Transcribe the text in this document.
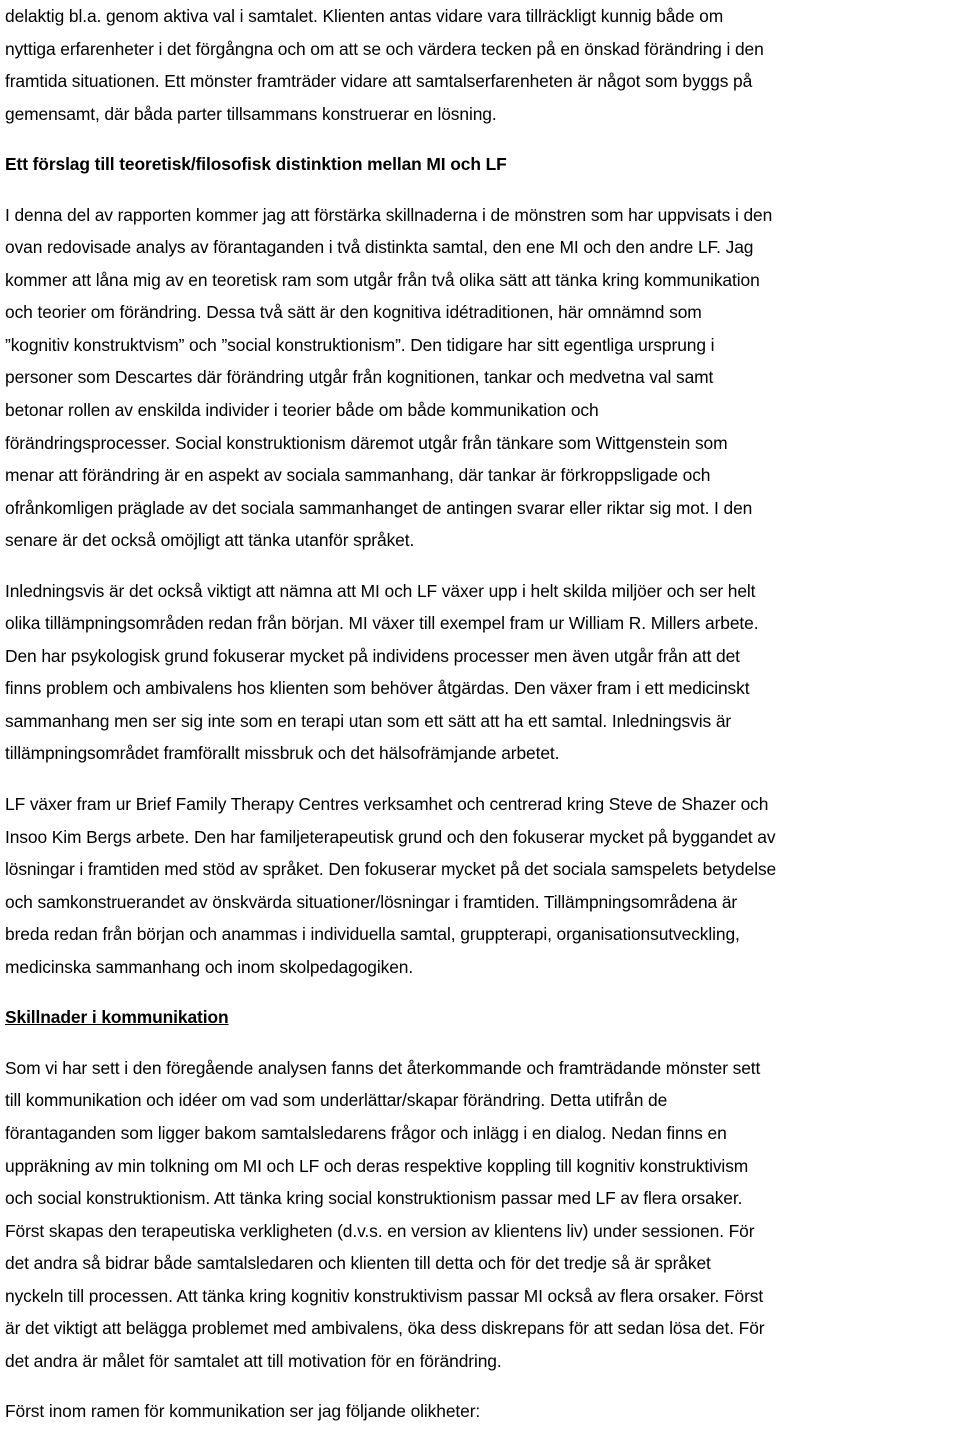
delaktig bl.a. genom aktiva val i samtalet. Klienten antas vidare vara tillräckligt kunnig både om
nyttiga erfarenheter i det förgångna och om att se och värdera tecken på en önskad förändring i den
framtida situationen. Ett mönster framträder vidare att samtalserfarenheten är något som byggs på
gemensamt, där båda parter tillsammans konstruerar en lösning.

Ett förslag till teoretisk/filosofisk distinktion mellan MI och LF

I denna del av rapporten kommer jag att förstärka skillnaderna i de mönstren som har uppvisats i den
ovan redovisade analys av förantaganden i två distinkta samtal, den ene MI och den andre LF. Jag
kommer att låna mig av en teoretisk ram som utgår från två olika sätt att tänka kring kommunikation
och teorier om förändring. Dessa två sätt är den kognitiva idétraditionen, här omnämnd som
”kognitiv konstruktvism” och ”social konstruktionism”. Den tidigare har sitt egentliga ursprung i
personer som Descartes där förändring utgår från kognitionen, tankar och medvetna val samt
betonar rollen av enskilda individer i teorier både om både kommunikation och
förändringsprocesser. Social konstruktionism däremot utgår från tänkare som Wittgenstein som
menar att förändring är en aspekt av sociala sammanhang, där tankar är förkroppsligade och
ofrånkomligen präglade av det sociala sammanhanget de antingen svarar eller riktar sig mot. I den
senare är det också omöjligt att tänka utanför språket.

Inledningsvis är det också viktigt att nämna att MI och LF växer upp i helt skilda miljöer och ser helt
olika tillämpningsområden redan från början. MI växer till exempel fram ur William R. Millers arbete.
Den har psykologisk grund fokuserar mycket på individens processer men även utgår från att det
finns problem och ambivalens hos klienten som behöver åtgärdas. Den växer fram i ett medicinskt
sammanhang men ser sig inte som en terapi utan som ett sätt att ha ett samtal. Inledningsvis är
tillämpningsområdet framförallt missbruk och det hälsofrämjande arbetet.

LF växer fram ur Brief Family Therapy Centres verksamhet och centrerad kring Steve de Shazer och
Insoo Kim Bergs arbete. Den har familjeterapeutisk grund och den fokuserar mycket på byggandet av
lösningar i framtiden med stöd av språket. Den fokuserar mycket på det sociala samspelets betydelse
och samkonstruerandet av önskvärda situationer/lösningar i framtiden. Tillämpningsområdena är
breda redan från början och anammas i individuella samtal, gruppterapi, organisationsutveckling,
medicinska sammanhang och inom skolpedagogiken.

Skillnader i kommunikation

Som vi har sett i den föregående analysen fanns det återkommande och framträdande mönster sett
till kommunikation och idéer om vad som underlättar/skapar förändring. Detta utifrån de
förantaganden som ligger bakom samtalsledarens frågor och inlägg i en dialog. Nedan finns en
uppräkning av min tolkning om MI och LF och deras respektive koppling till kognitiv konstruktivism
och social konstruktionism. Att tänka kring social konstruktionism passar med LF av flera orsaker.
Först skapas den terapeutiska verkligheten (d.v.s. en version av klientens liv) under sessionen. För
det andra så bidrar både samtalsledaren och klienten till detta och för det tredje så är språket
nyckeln till processen. Att tänka kring kognitiv konstruktivism passar MI också av flera orsaker. Först
är det viktigt att belägga problemet med ambivalens, öka dess diskrepans för att sedan lösa det. För
det andra är målet för samtalet att till motivation för en förändring.

Först inom ramen för kommunikation ser jag följande olikheter:
